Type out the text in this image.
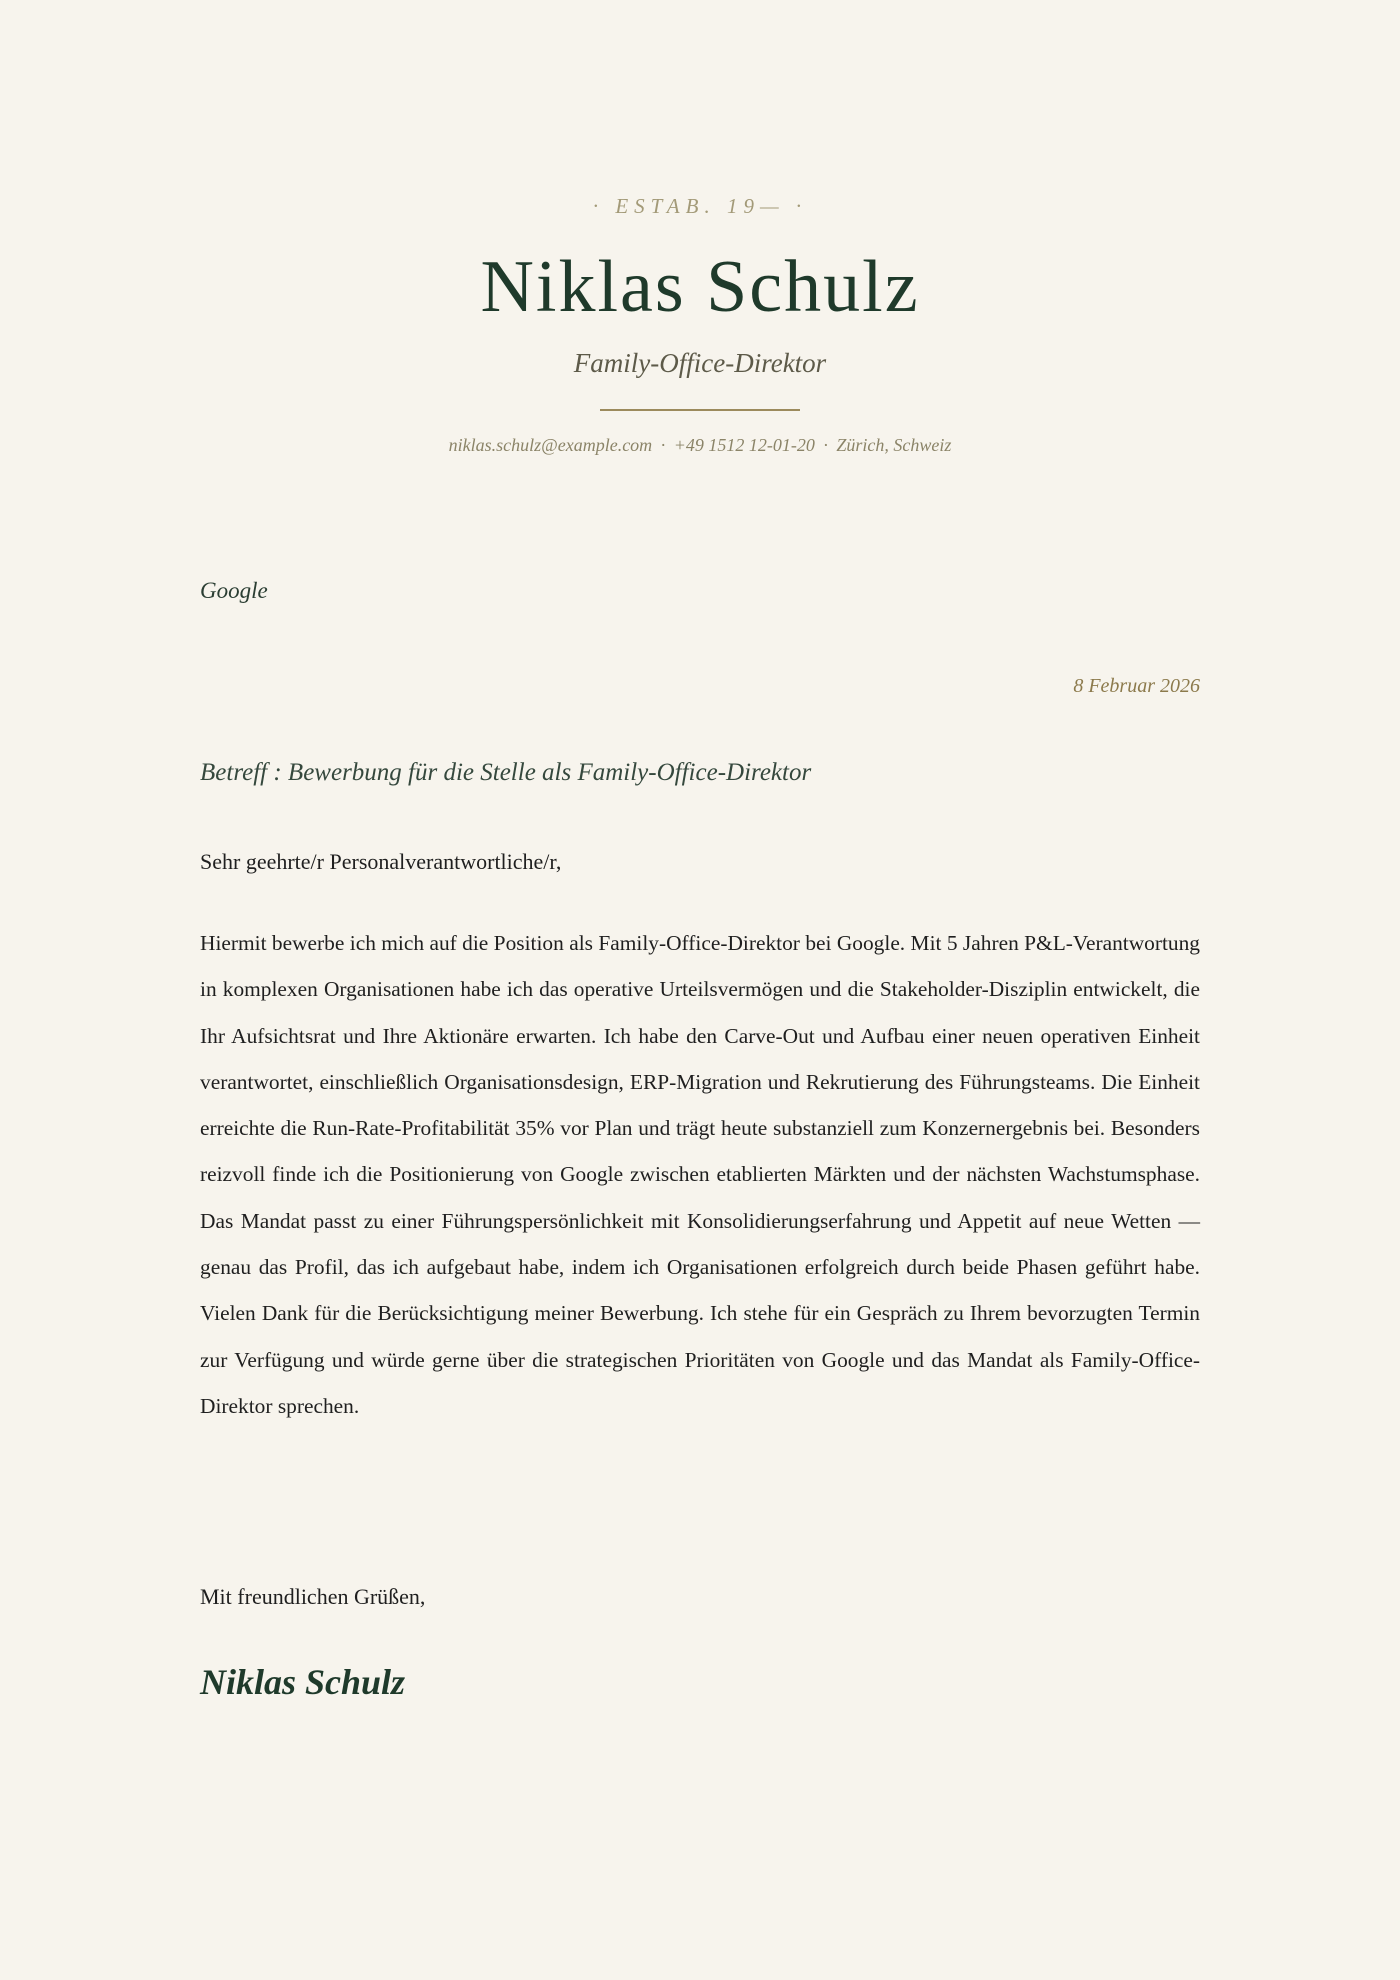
· ESTAB. 19— ·
Niklas Schulz
Family-Office-Direktor
niklas.schulz@example.com · +49 1512 12-01-20 · Zürich, Schweiz
Google
8 Februar 2026
Betreff : Bewerbung für die Stelle als Family-Office-Direktor
Sehr geehrte/r Personalverantwortliche/r,

Hiermit bewerbe ich mich auf die Position als Family-Office-Direktor bei Google. Mit 5 Jahren P&L-Verantwortung in komplexen Organisationen habe ich das operative Urteilsvermögen und die Stakeholder-Disziplin entwickelt, die Ihr Aufsichtsrat und Ihre Aktionäre erwarten. Ich habe den Carve-Out und Aufbau einer neuen operativen Einheit verantwortet, einschließlich Organisationsdesign, ERP-Migration und Rekrutierung des Führungsteams. Die Einheit erreichte die Run-Rate-Profitabilität 35% vor Plan und trägt heute substanziell zum Konzernergebnis bei. Besonders reizvoll finde ich die Positionierung von Google zwischen etablierten Märkten und der nächsten Wachstumsphase. Das Mandat passt zu einer Führungspersönlichkeit mit Konsolidierungserfahrung und Appetit auf neue Wetten — genau das Profil, das ich aufgebaut habe, indem ich Organisationen erfolgreich durch beide Phasen geführt habe. Vielen Dank für die Berücksichtigung meiner Bewerbung. Ich stehe für ein Gespräch zu Ihrem bevorzugten Termin zur Verfügung und würde gerne über die strategischen Prioritäten von Google und das Mandat als Family-Office-Direktor sprechen.

Mit freundlichen Grüßen,
Niklas Schulz
